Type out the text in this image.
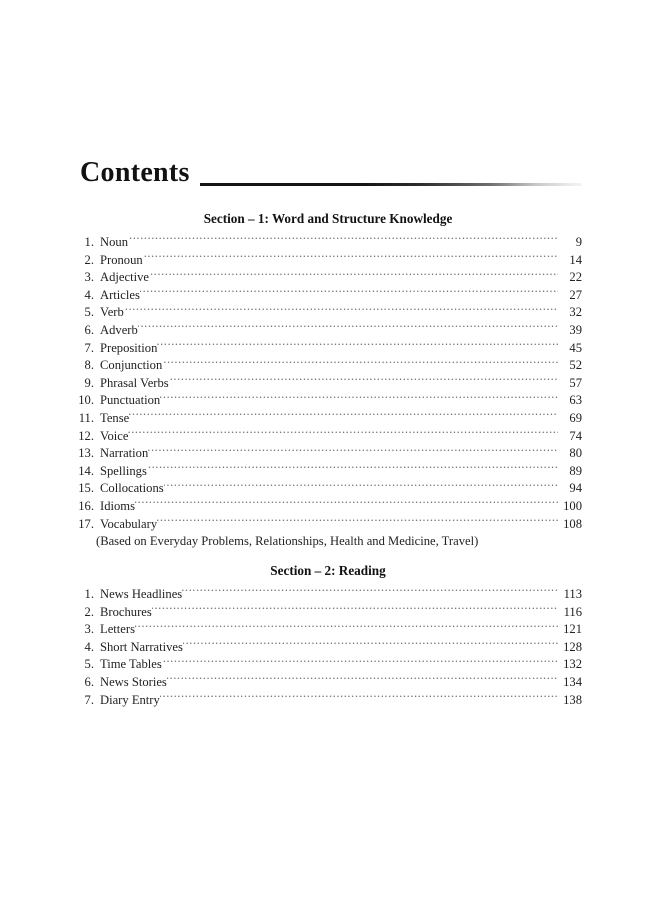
Contents
Section – 1: Word and Structure Knowledge
1. Noun .....	9
2. Pronoun .....	14
3. Adjective .....	22
4. Articles .....	27
5. Verb .....	32
6. Adverb .....	39
7. Preposition .....	45
8. Conjunction .....	52
9. Phrasal Verbs .....	57
10. Punctuation .....	63
11. Tense .....	69
12. Voice .....	74
13. Narration .....	80
14. Spellings .....	89
15. Collocations .....	94
16. Idioms .....	100
17. Vocabulary .....	108
(Based on Everyday Problems, Relationships, Health and Medicine, Travel)
Section – 2: Reading
1. News Headlines .....	113
2. Brochures .....	116
3. Letters .....	121
4. Short Narratives .....	128
5. Time Tables .....	132
6. News Stories .....	134
7. Diary Entry .....	138
